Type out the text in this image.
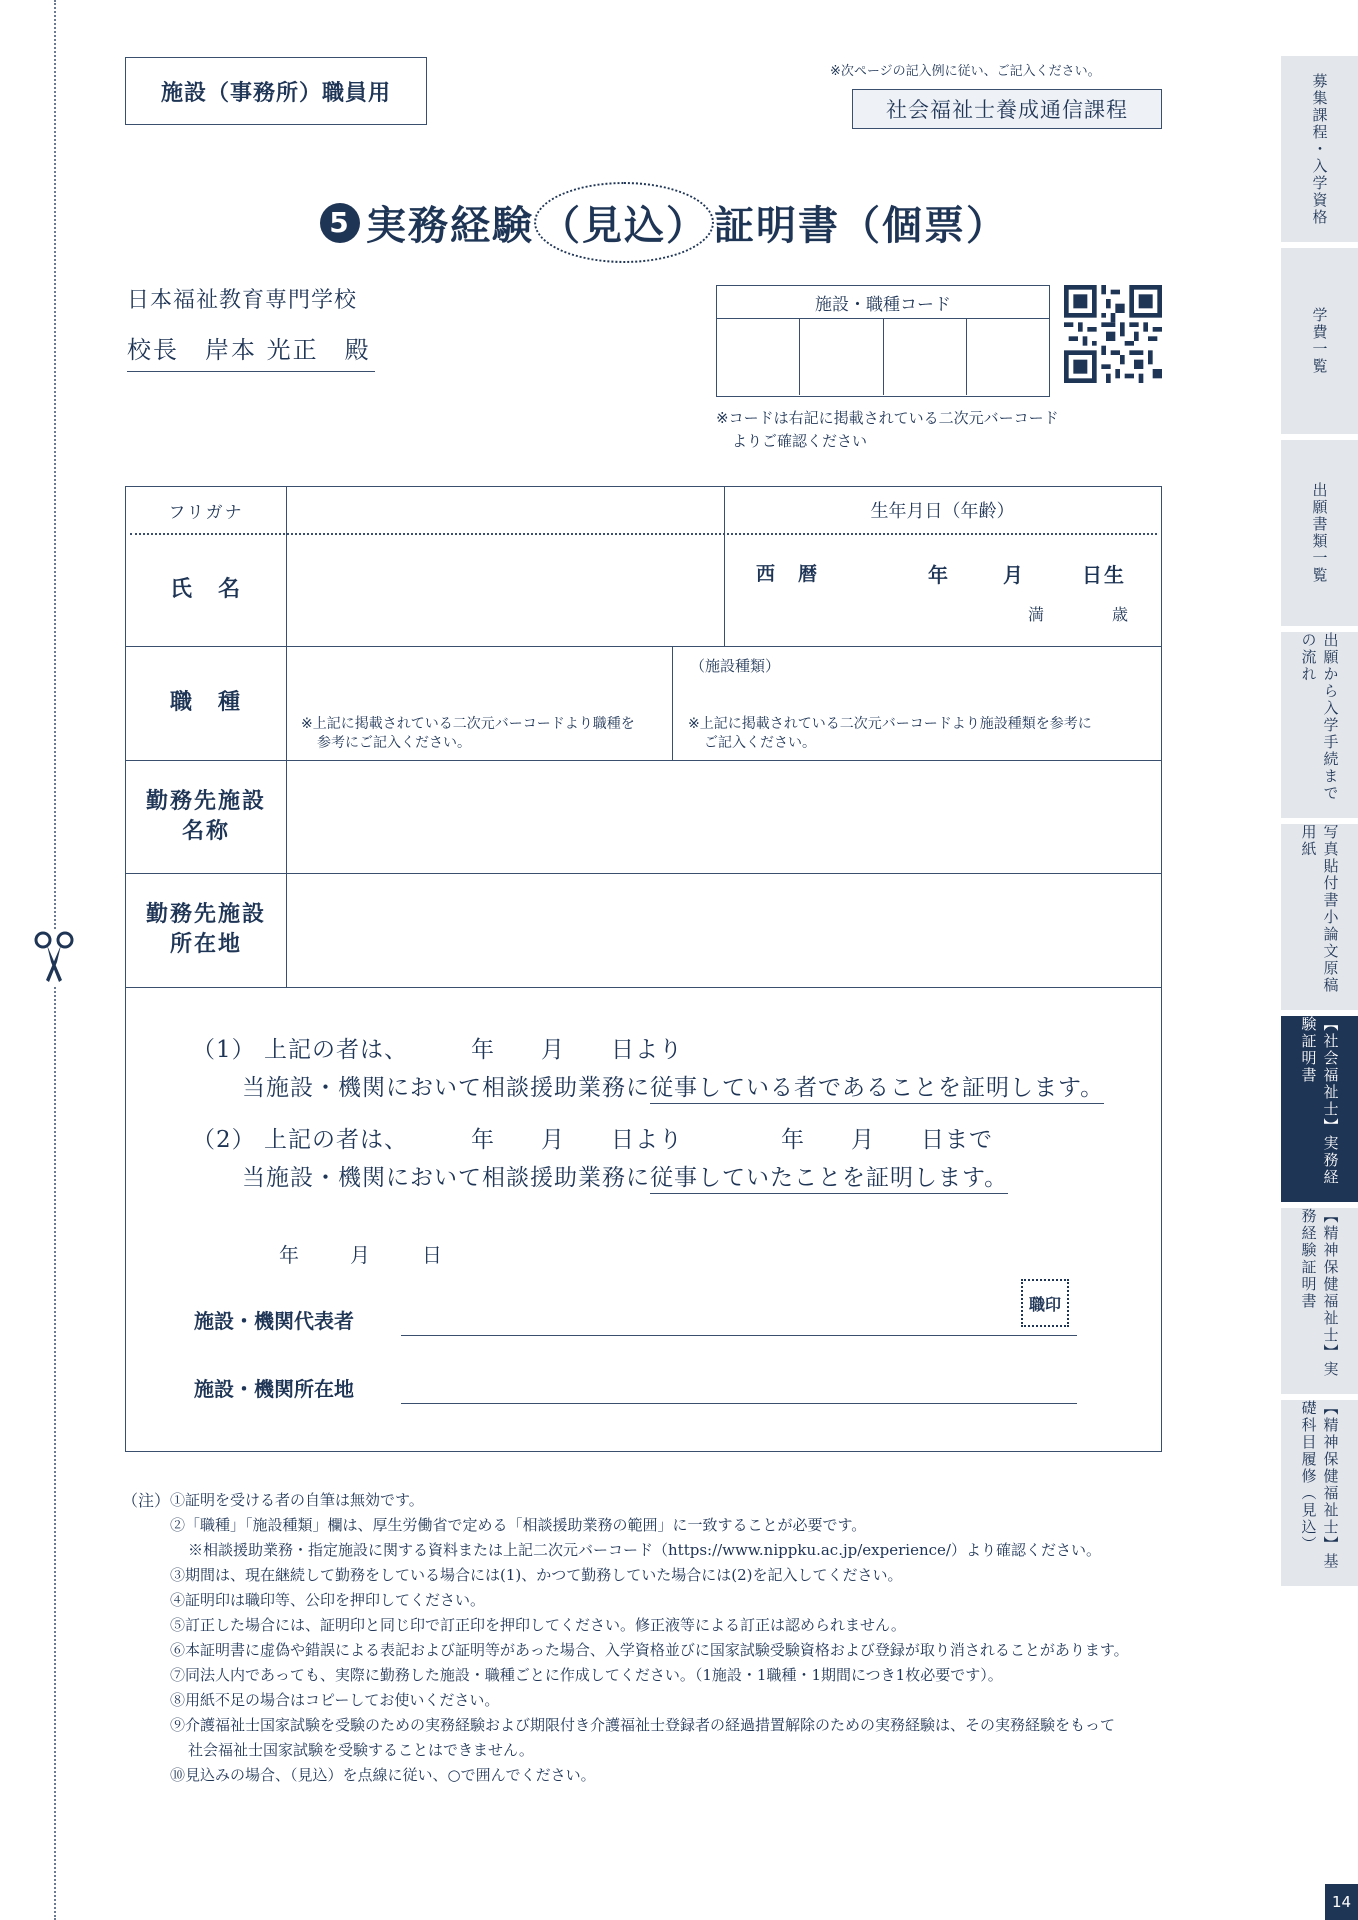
施設（事務所）職員用
※次ページの記入例に従い、ご記入ください。
社会福祉士養成通信課程
5 実務経験 （見込） 証明書（個票）
日本福祉教育専門学校
校長　岸本 光正　殿
施設・職種コード
※コードは右記に掲載されている二次元バーコード
よりご確認ください
フリガナ	生年月日（年齢）
氏　名
西　暦	年	月	日生
満	歳
職　種
※上記に掲載されている二次元バーコードより職種を
参考にご記入ください。
（施設種類）
※上記に掲載されている二次元バーコードより施設種類を参考に
ご記入ください。
勤務先施設
名称
勤務先施設
所在地
（1） 上記の者は、	年 月 日より
当施設・機関において相談援助業務に従事している者であることを証明します。
（2） 上記の者は、	年 月 日より	年 月 日まで
当施設・機関において相談援助業務に従事していたことを証明します。
年	月	日
施設・機関代表者
職印
施設・機関所在地
（注） ①証明を受ける者の自筆は無効です。
②「職種」「施設種類」欄は、厚生労働省で定める「相談援助業務の範囲」に一致することが必要です。
※相談援助業務・指定施設に関する資料または上記二次元バーコード（https://www.nippku.ac.jp/experience/）より確認ください。
③期間は、現在継続して勤務をしている場合には(1)、かつて勤務していた場合には(2)を記入してください。
④証明印は職印等、公印を押印してください。
⑤訂正した場合には、証明印と同じ印で訂正印を押印してください。修正液等による訂正は認められません。
⑥本証明書に虚偽や錯誤による表記および証明等があった場合、入学資格並びに国家試験受験資格および登録が取り消されることがあります。
⑦同法人内であっても、実際に勤務した施設・職種ごとに作成してください。（1施設・1職種・1期間につき1枚必要です）。
⑧用紙不足の場合はコピーしてお使いください。
⑨介護福祉士国家試験を受験のための実務経験および期限付き介護福祉士登録者の経過措置解除のための実務経験は、その実務経験をもって
社会福祉士国家試験を受験することはできません。
⑩見込みの場合、（見込）を点線に従い、○で囲んでください。
募集課程・入学資格
学費一覧
出願書類一覧
出願から入学手続までの流れ
写真貼付書小論文原稿用紙
【社会福祉士】実務経験証明書
【精神保健福祉士】実務経験証明書
【精神保健福祉士】基礎科目履修（見込）
14
